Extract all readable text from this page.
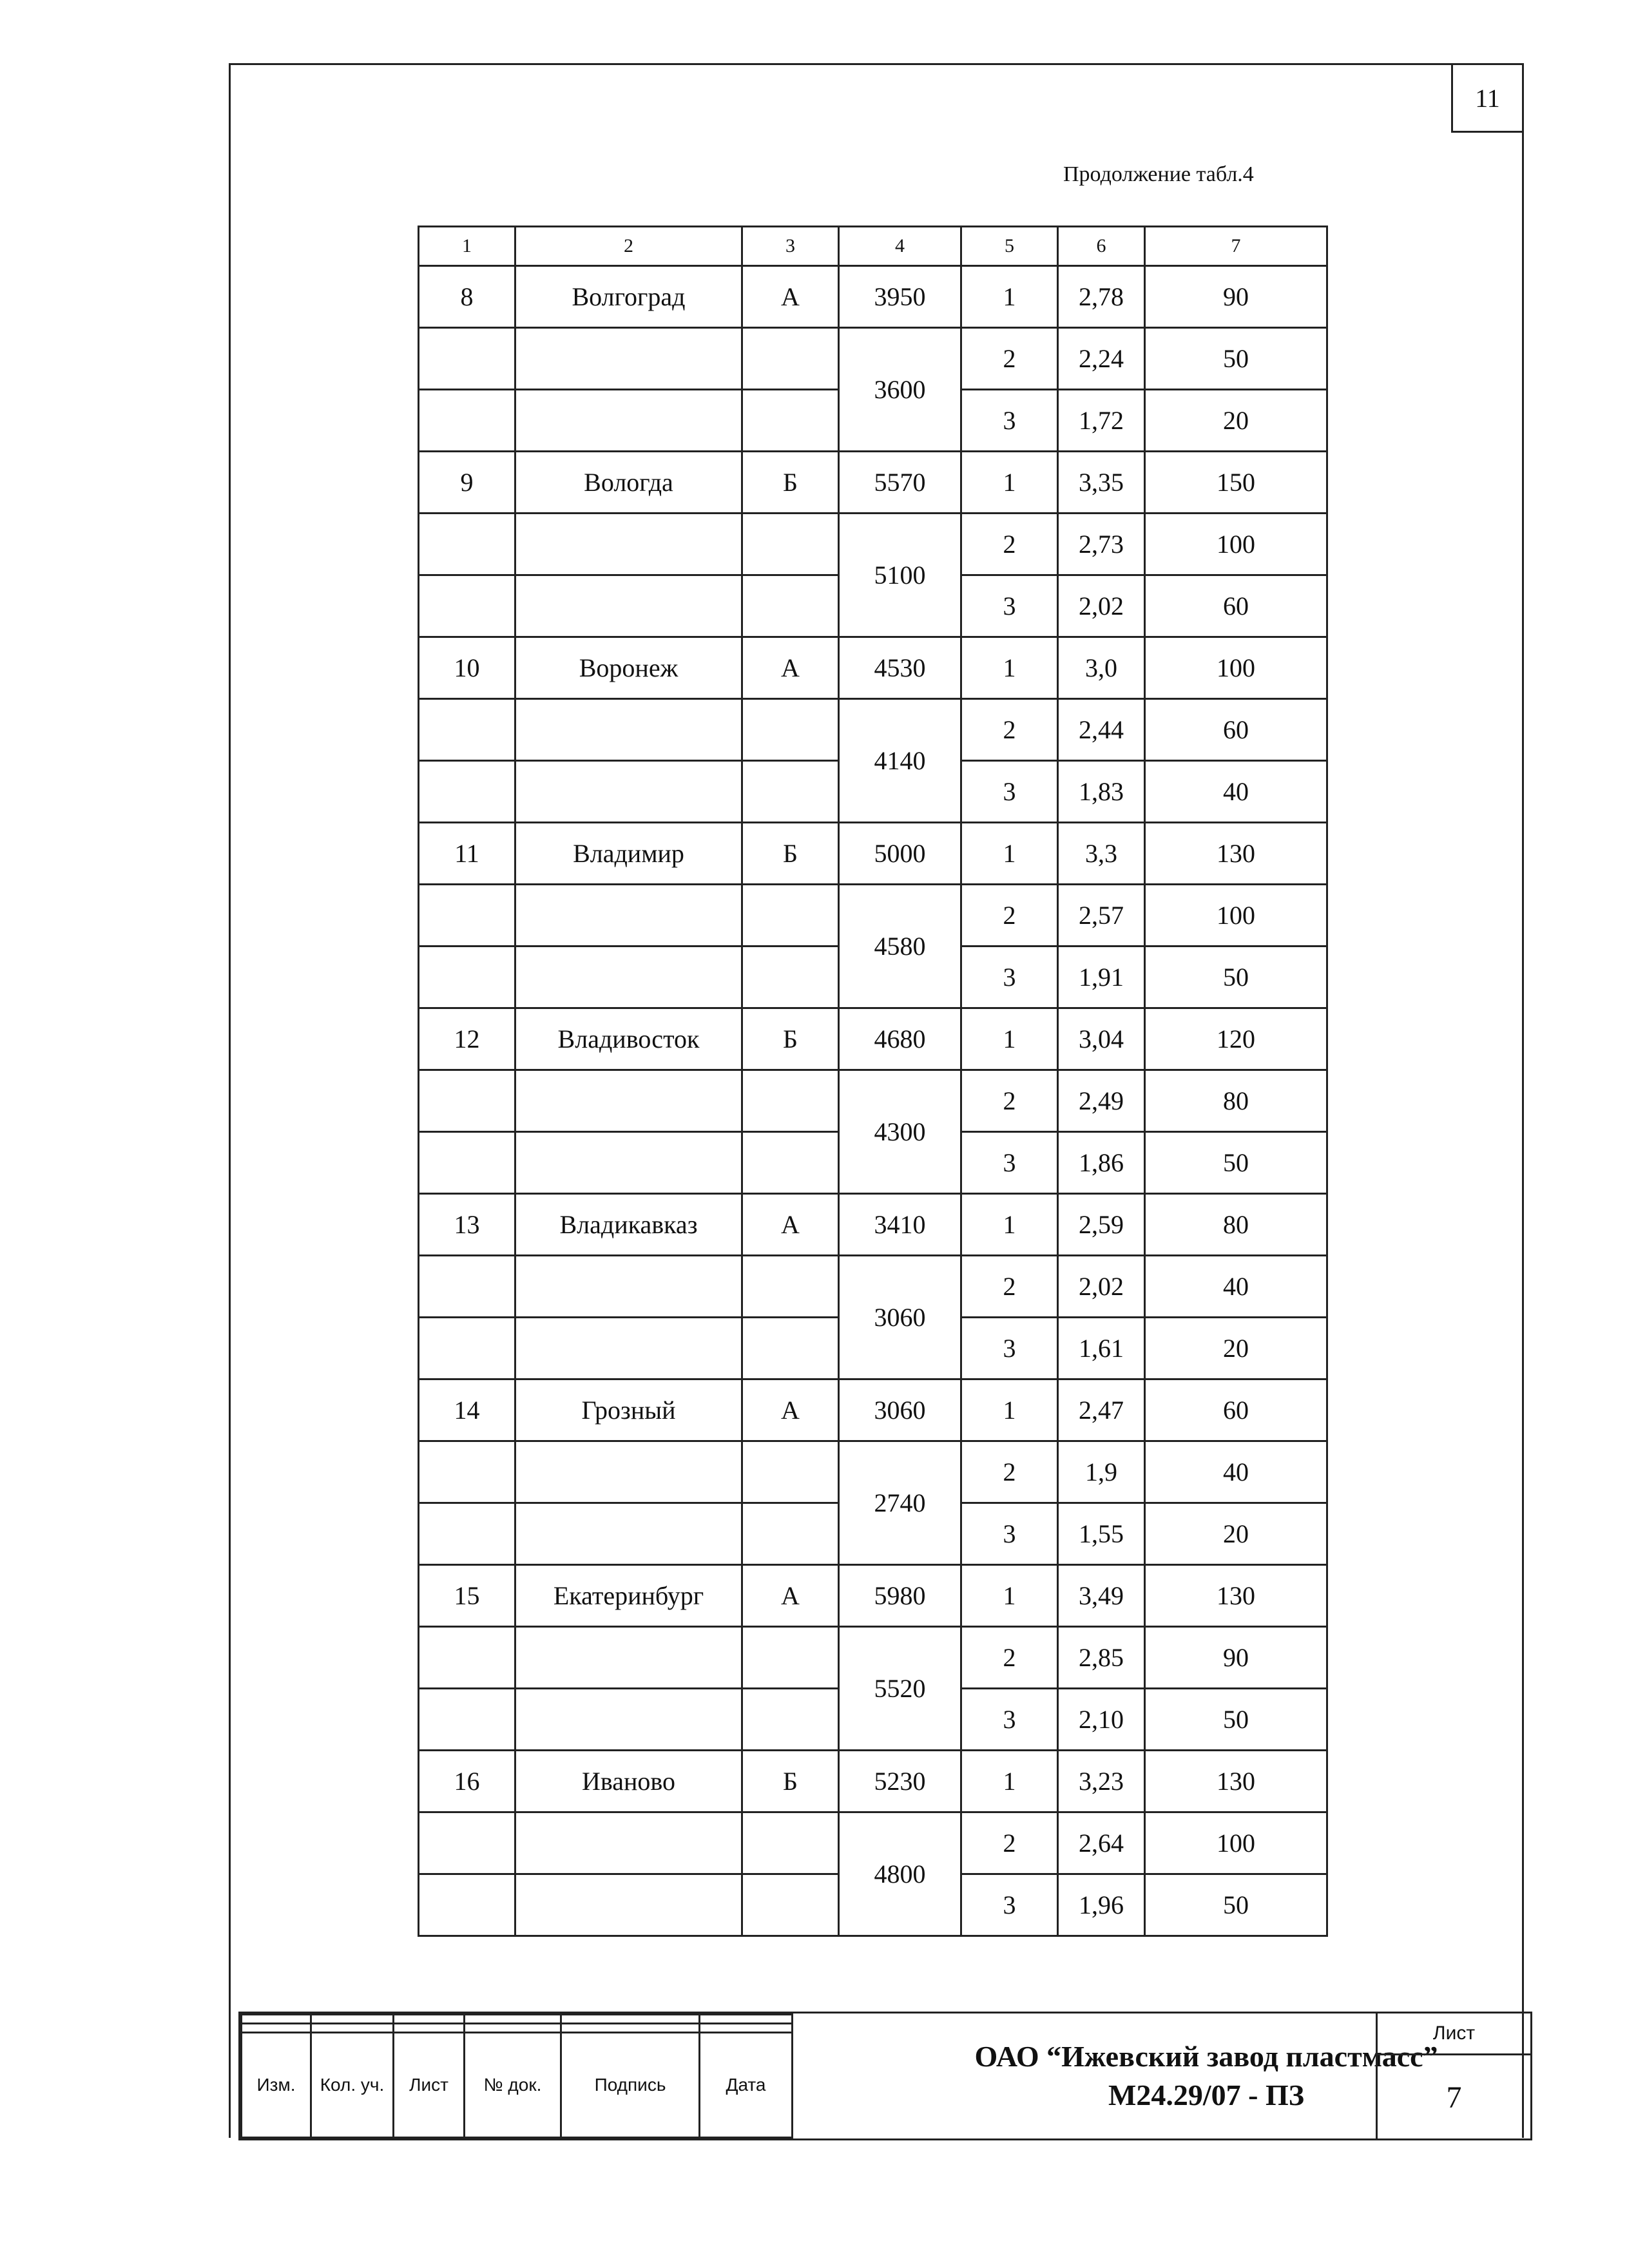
11
Продолжение табл.4
1	2	3	4	5	6	7
8	Волгоград	А	3950	1	2,78	90
			3600	2	2,24	50
				3	1,72	20
9	Вологда	Б	5570	1	3,35	150
			5100	2	2,73	100
				3	2,02	60
10	Воронеж	А	4530	1	3,0	100
			4140	2	2,44	60
				3	1,83	40
11	Владимир	Б	5000	1	3,3	130
			4580	2	2,57	100
				3	1,91	50
12	Владивосток	Б	4680	1	3,04	120
			4300	2	2,49	80
				3	1,86	50
13	Владикавказ	А	3410	1	2,59	80
			3060	2	2,02	40
				3	1,61	20
14	Грозный	А	3060	1	2,47	60
			2740	2	1,9	40
				3	1,55	20
15	Екатеринбург	А	5980	1	3,49	130
			5520	2	2,85	90
				3	2,10	50
16	Иваново	Б	5230	1	3,23	130
			4800	2	2,64	100
				3	1,96	50

Изм.	Кол. уч.	Лист	№ док.	Подпись	Дата
ОАО “Ижевский завод пластмасс”
М24.29/07 - ПЗ
Лист
7
